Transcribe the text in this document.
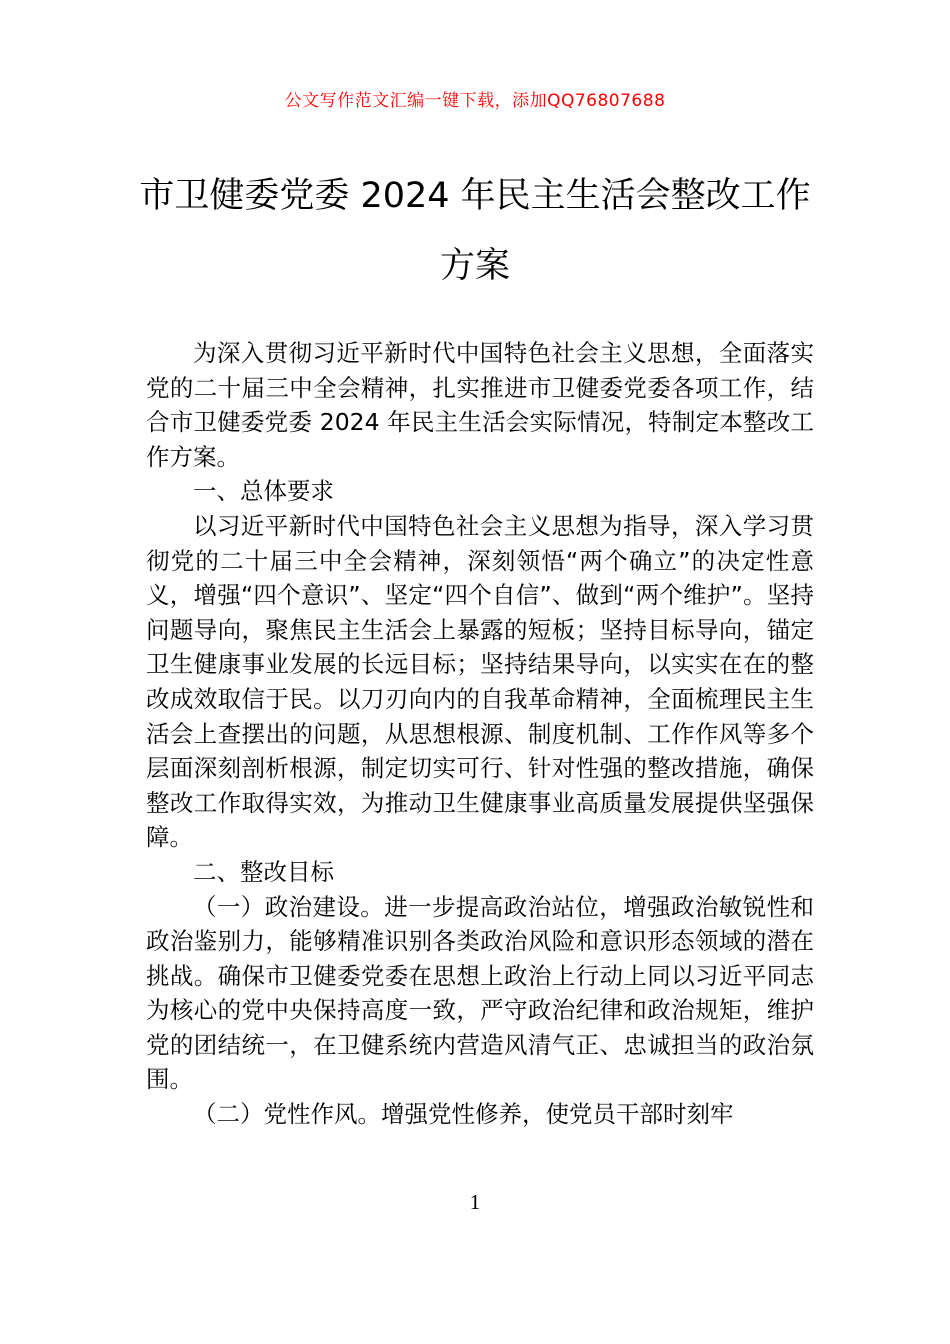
公文写作范文汇编一键下载，添加QQ76807688
市卫健委党委 2024 年民主生活会整改工作
方案

为深入贯彻习近平新时代中国特色社会主义思想，全面落实党的二十届三中全会精神，扎实推进市卫健委党委各项工作，结合市卫健委党委 2024 年民主生活会实际情况，特制定本整改工作方案。

一、总体要求

以习近平新时代中国特色社会主义思想为指导，深入学习贯彻党的二十届三中全会精神，深刻领悟“两个确立”的决定性意义，增强“四个意识”、坚定“四个自信”、做到“两个维护”。坚持问题导向，聚焦民主生活会上暴露的短板；坚持目标导向，锚定卫生健康事业发展的长远目标；坚持结果导向，以实实在在的整改成效取信于民。以刀刃向内的自我革命精神，全面梳理民主生活会上查摆出的问题，从思想根源、制度机制、工作作风等多个层面深刻剖析根源，制定切实可行、针对性强的整改措施，确保整改工作取得实效，为推动卫生健康事业高质量发展提供坚强保障。

二、整改目标

（一）政治建设。进一步提高政治站位，增强政治敏锐性和政治鉴别力，能够精准识别各类政治风险和意识形态领域的潜在挑战。确保市卫健委党委在思想上政治上行动上同以习近平同志为核心的党中央保持高度一致，严守政治纪律和政治规矩，维护党的团结统一，在卫健系统内营造风清气正、忠诚担当的政治氛围。

（二）党性作风。增强党性修养，使党员干部时刻牢

1
